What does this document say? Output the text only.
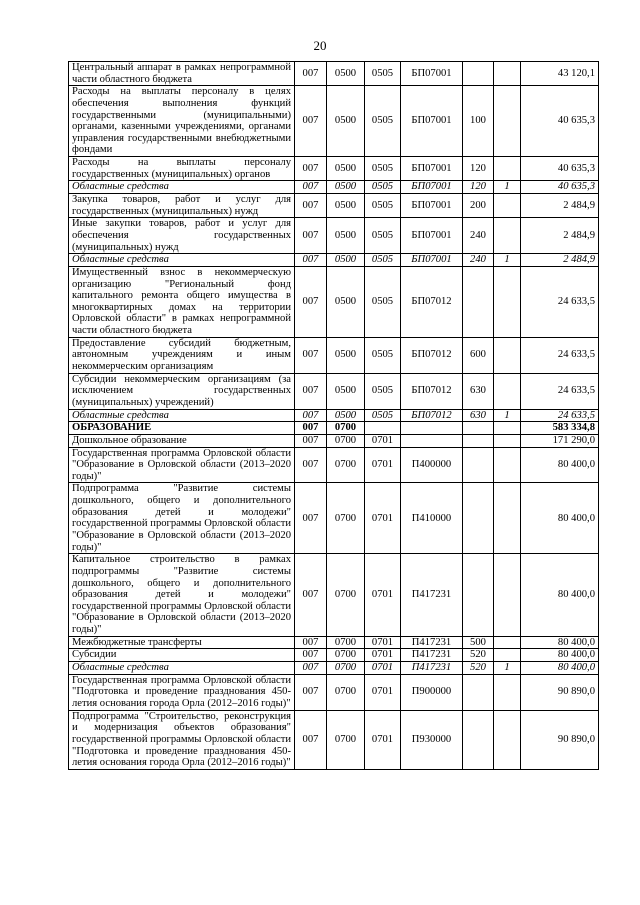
20
Центральный аппарат в рамках непрограммной части областного бюджета	007	0500	0505	БП07001			43 120,1
Расходы на выплаты персоналу в целях обеспечения выполнения функций государственными (муниципальными) органами, казенными учреждениями, органами управления государственными внебюджетными фондами	007	0500	0505	БП07001	100		40 635,3
Расходы на выплаты персоналу государственных (муниципальных) органов	007	0500	0505	БП07001	120		40 635,3
Областные средства	007	0500	0505	БП07001	120	1	40 635,3
Закупка товаров, работ и услуг для государственных (муниципальных) нужд	007	0500	0505	БП07001	200		2 484,9
Иные закупки товаров, работ и услуг для обеспечения государственных (муниципальных) нужд	007	0500	0505	БП07001	240		2 484,9
Областные средства	007	0500	0505	БП07001	240	1	2 484,9
Имущественный взнос в некоммерческую организацию "Региональный фонд капитального ремонта общего имущества в многоквартирных домах на территории Орловской области" в рамках непрограммной части областного бюджета	007	0500	0505	БП07012			24 633,5
Предоставление субсидий бюджетным, автономным учреждениям и иным некоммерческим организациям	007	0500	0505	БП07012	600		24 633,5
Субсидии некоммерческим организациям (за исключением государственных (муниципальных) учреждений)	007	0500	0505	БП07012	630		24 633,5
Областные средства	007	0500	0505	БП07012	630	1	24 633,5
ОБРАЗОВАНИЕ	007	0700					583 334,8
Дошкольное образование	007	0700	0701				171 290,0
Государственная программа Орловской области "Образование в Орловской области (2013–2020 годы)"	007	0700	0701	П400000			80 400,0
Подпрограмма "Развитие системы дошкольного, общего и дополнительного образования детей и молодежи" государственной программы Орловской области "Образование в Орловской области (2013–2020 годы)"	007	0700	0701	П410000			80 400,0
Капитальное строительство в рамках подпрограммы "Развитие системы дошкольного, общего и дополнительного образования детей и молодежи" государственной программы Орловской области "Образование в Орловской области (2013–2020 годы)"	007	0700	0701	П417231			80 400,0
Межбюджетные трансферты	007	0700	0701	П417231	500		80 400,0
Субсидии	007	0700	0701	П417231	520		80 400,0
Областные средства	007	0700	0701	П417231	520	1	80 400,0
Государственная программа Орловской области "Подготовка и проведение празднования 450-летия основания города Орла (2012–2016 годы)"	007	0700	0701	П900000			90 890,0
Подпрограмма "Строительство, реконструкция и модернизация объектов образования" государственной программы Орловской области "Подготовка и проведение празднования 450-летия основания города Орла (2012–2016 годы)"	007	0700	0701	П930000			90 890,0
